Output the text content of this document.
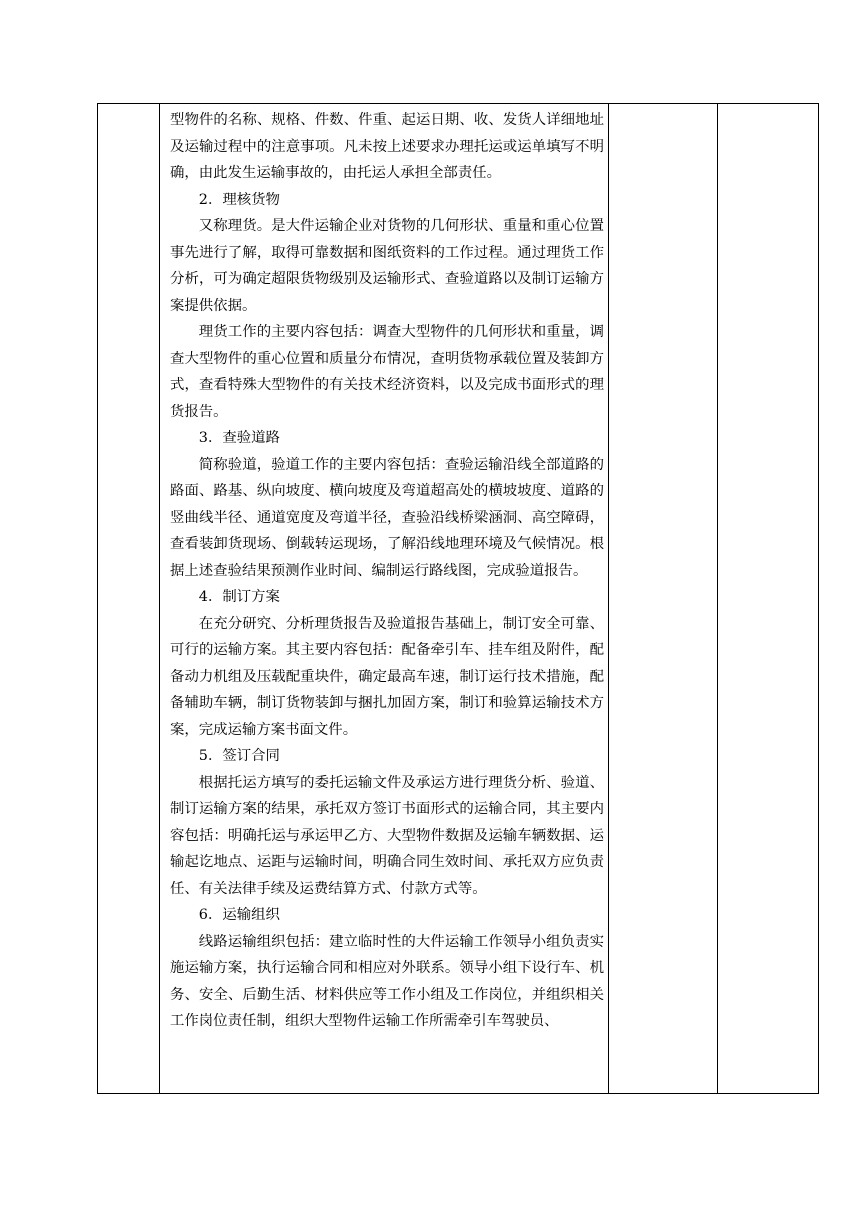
型物件的名称、规格、件数、件重、起运日期、收、发货人详细地址及运输过程中的注意事项。凡未按上述要求办理托运或运单填写不明确，由此发生运输事故的，由托运人承担全部责任。

2．理核货物

又称理货。是大件运输企业对货物的几何形状、重量和重心位置事先进行了解，取得可靠数据和图纸资料的工作过程。通过理货工作分析，可为确定超限货物级别及运输形式、查验道路以及制订运输方案提供依据。

理货工作的主要内容包括：调查大型物件的几何形状和重量，调查大型物件的重心位置和质量分布情况，查明货物承载位置及装卸方式，查看特殊大型物件的有关技术经济资料，以及完成书面形式的理货报告。

3．查验道路

简称验道，验道工作的主要内容包括：查验运输沿线全部道路的路面、路基、纵向坡度、横向坡度及弯道超高处的横坡坡度、道路的竖曲线半径、通道宽度及弯道半径，查验沿线桥梁涵洞、高空障碍，查看装卸货现场、倒载转运现场，了解沿线地理环境及气候情况。根据上述查验结果预测作业时间、编制运行路线图，完成验道报告。

4．制订方案

在充分研究、分析理货报告及验道报告基础上，制订安全可靠、可行的运输方案。其主要内容包括：配备牵引车、挂车组及附件，配备动力机组及压载配重块件，确定最高车速，制订运行技术措施，配备辅助车辆，制订货物装卸与捆扎加固方案，制订和验算运输技术方案，完成运输方案书面文件。

5．签订合同

根据托运方填写的委托运输文件及承运方进行理货分析、验道、制订运输方案的结果，承托双方签订书面形式的运输合同，其主要内容包括：明确托运与承运甲乙方、大型物件数据及运输车辆数据、运输起讫地点、运距与运输时间，明确合同生效时间、承托双方应负责任、有关法律手续及运费结算方式、付款方式等。

6．运输组织

线路运输组织包括：建立临时性的大件运输工作领导小组负责实施运输方案，执行运输合同和相应对外联系。领导小组下设行车、机务、安全、后勤生活、材料供应等工作小组及工作岗位，并组织相关工作岗位责任制，组织大型物件运输工作所需牵引车驾驶员、
